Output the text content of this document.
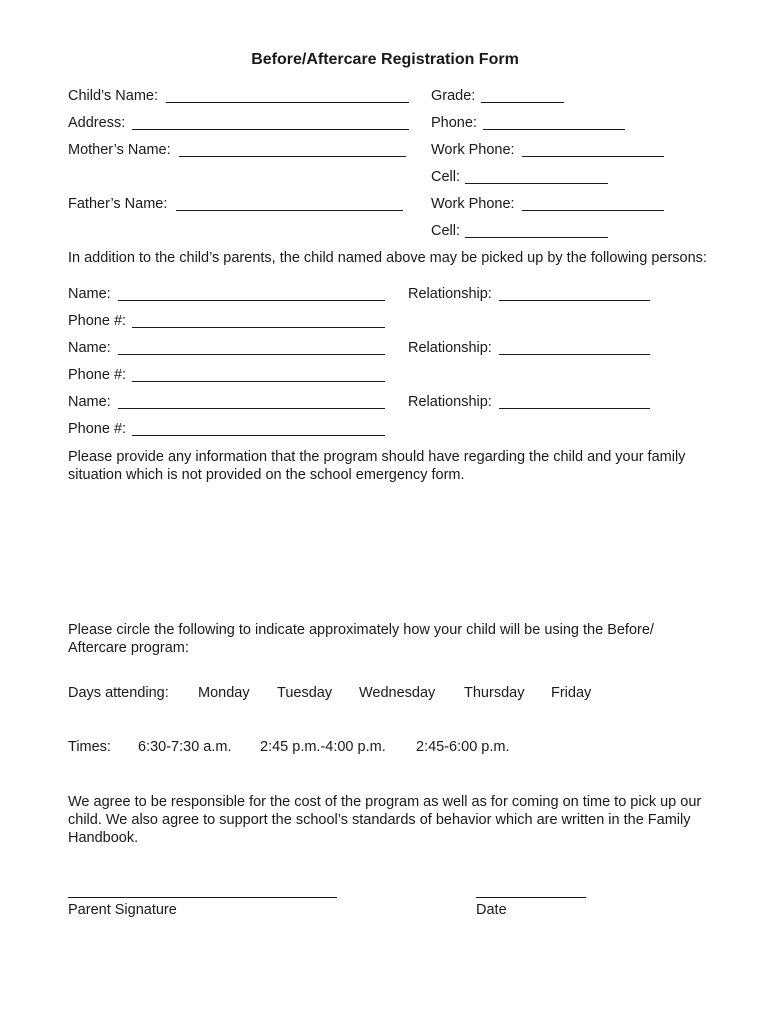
Before/Aftercare Registration Form
Child’s Name:	Grade:
Address:	Phone:
Mother’s Name:	Work Phone:
Cell:
Father’s Name:	Work Phone:
Cell:
In addition to the child’s parents, the child named above may be picked up by the following persons:
Name:	Relationship:
Phone #:
Name:	Relationship:
Phone #:
Name:	Relationship:
Phone #:
Please provide any information that the program should have regarding the child and your family situation which is not provided on the school emergency form.
Please circle the following to indicate approximately how your child will be using the Before/ Aftercare program:
Days attending: Monday Tuesday Wednesday Thursday Friday
Times: 6:30-7:30 a.m. 2:45 p.m.-4:00 p.m. 2:45-6:00 p.m.
We agree to be responsible for the cost of the program as well as for coming on time to pick up our child. We also agree to support the school’s standards of behavior which are written in the Family Handbook.
Parent Signature	Date
